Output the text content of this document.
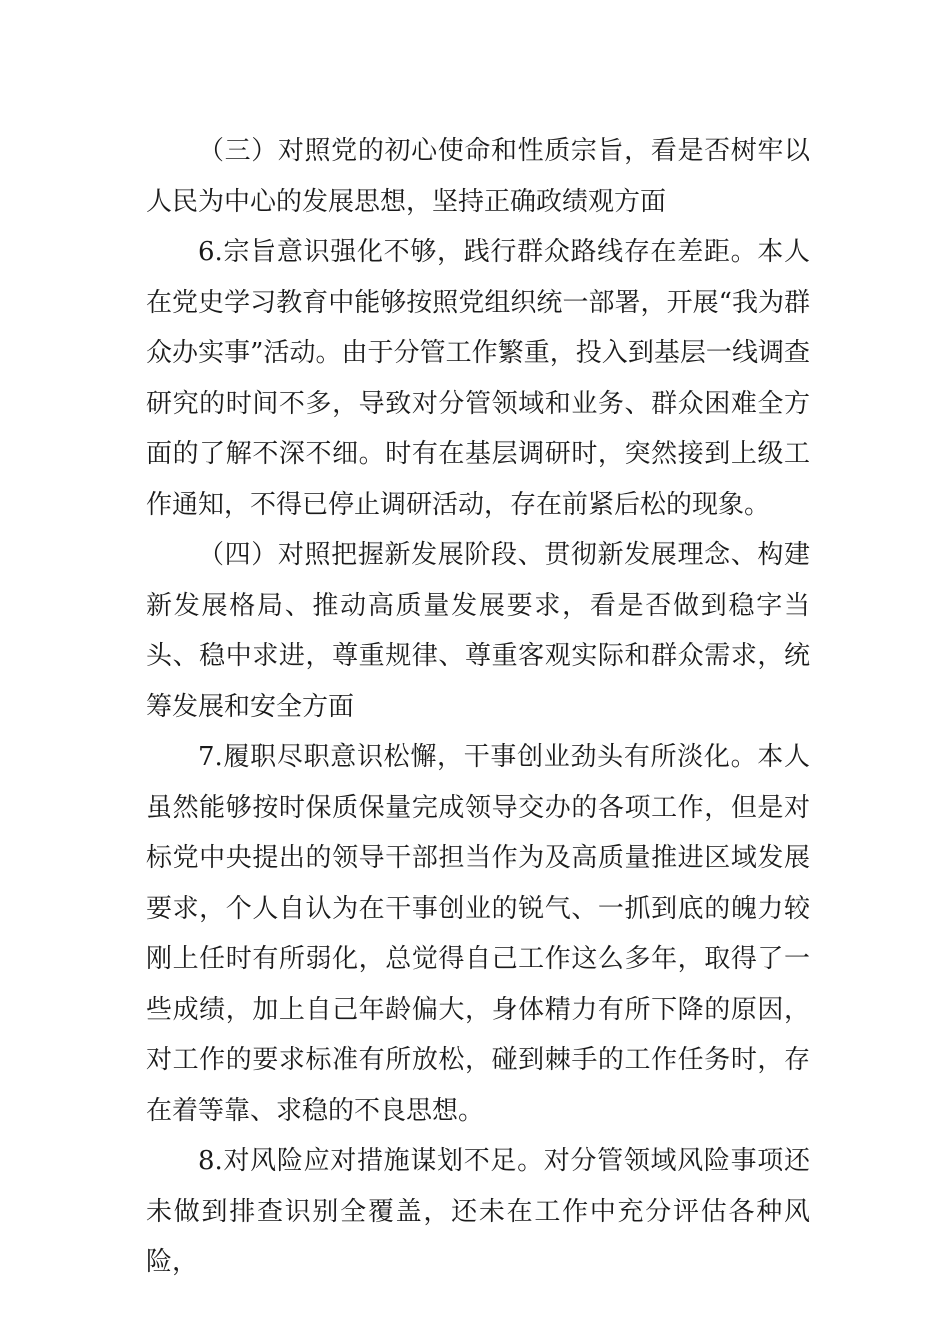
（三）对照党的初心使命和性质宗旨，看是否树牢以人民为中心的发展思想，坚持正确政绩观方面

6.宗旨意识强化不够，践行群众路线存在差距。本人在党史学习教育中能够按照党组织统一部署，开展“我为群众办实事”活动。由于分管工作繁重，投入到基层一线调查研究的时间不多，导致对分管领域和业务、群众困难全方面的了解不深不细。时有在基层调研时，突然接到上级工作通知，不得已停止调研活动，存在前紧后松的现象。

（四）对照把握新发展阶段、贯彻新发展理念、构建新发展格局、推动高质量发展要求，看是否做到稳字当头、稳中求进，尊重规律、尊重客观实际和群众需求，统筹发展和安全方面

7.履职尽职意识松懈，干事创业劲头有所淡化。本人虽然能够按时保质保量完成领导交办的各项工作，但是对标党中央提出的领导干部担当作为及高质量推进区域发展要求，个人自认为在干事创业的锐气、一抓到底的魄力较刚上任时有所弱化，总觉得自己工作这么多年，取得了一些成绩，加上自己年龄偏大，身体精力有所下降的原因，对工作的要求标准有所放松，碰到棘手的工作任务时，存在着等靠、求稳的不良思想。

8.对风险应对措施谋划不足。对分管领域风险事项还未做到排查识别全覆盖，还未在工作中充分评估各种风险，
